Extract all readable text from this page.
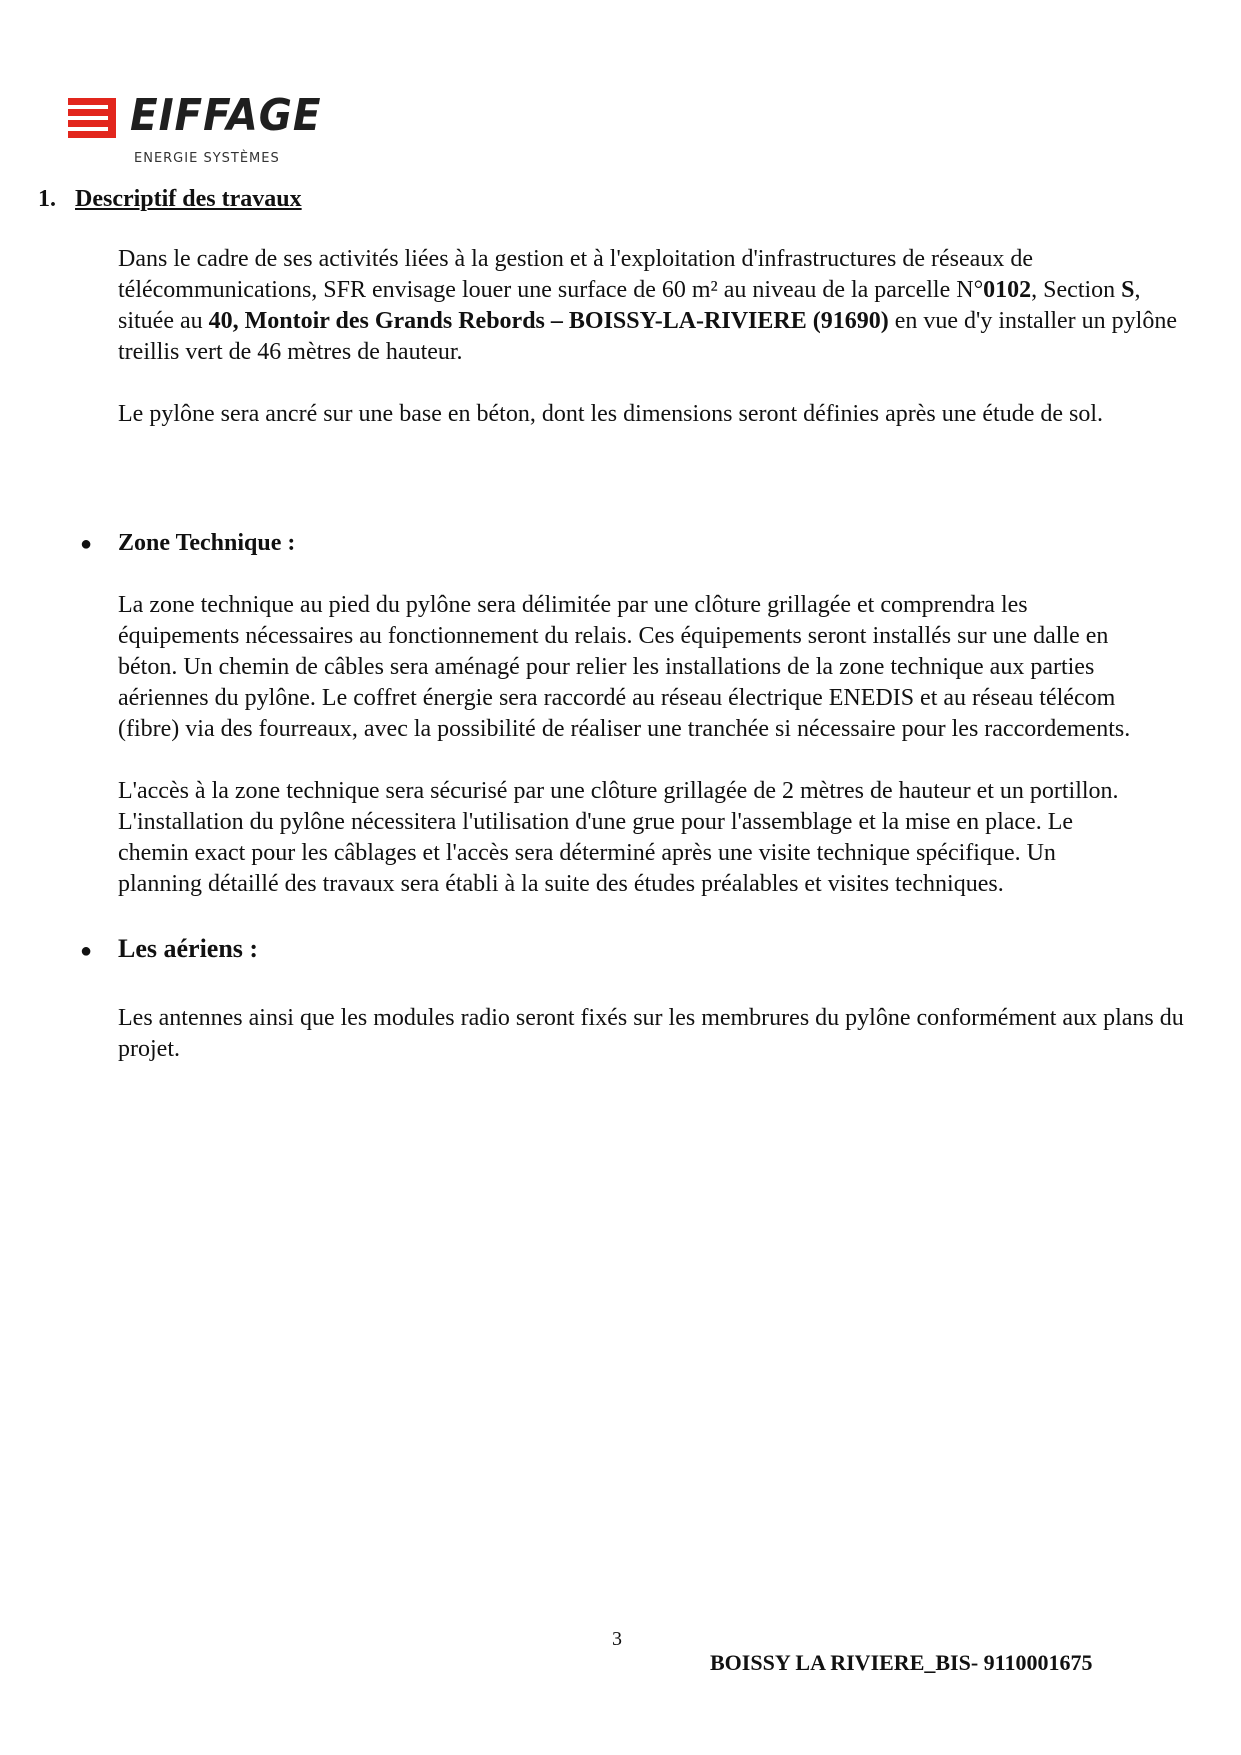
EIFFAGE
ENERGIE SYSTÈMES
1. Descriptif des travaux

Dans le cadre de ses activités liées à la gestion et à l'exploitation d'infrastructures de réseaux de télécommunications, SFR envisage louer une surface de 60 m² au niveau de la parcelle N°0102, Section S, située au 40, Montoir des Grands Rebords – BOISSY-LA-RIVIERE (91690) en vue d'y installer un pylône treillis vert de 46 mètres de hauteur.

Le pylône sera ancré sur une base en béton, dont les dimensions seront définies après une étude de sol.

● Zone Technique :

La zone technique au pied du pylône sera délimitée par une clôture grillagée et comprendra les équipements nécessaires au fonctionnement du relais. Ces équipements seront installés sur une dalle en béton. Un chemin de câbles sera aménagé pour relier les installations de la zone technique aux parties aériennes du pylône. Le coffret énergie sera raccordé au réseau électrique ENEDIS et au réseau télécom (fibre) via des fourreaux, avec la possibilité de réaliser une tranchée si nécessaire pour les raccordements.

L'accès à la zone technique sera sécurisé par une clôture grillagée de 2 mètres de hauteur et un portillon. L'installation du pylône nécessitera l'utilisation d'une grue pour l'assemblage et la mise en place. Le chemin exact pour les câblages et l'accès sera déterminé après une visite technique spécifique. Un planning détaillé des travaux sera établi à la suite des études préalables et visites techniques.

● Les aériens :

Les antennes ainsi que les modules radio seront fixés sur les membrures du pylône conformément aux plans du projet.

3
BOISSY LA RIVIERE_BIS- 9110001675
